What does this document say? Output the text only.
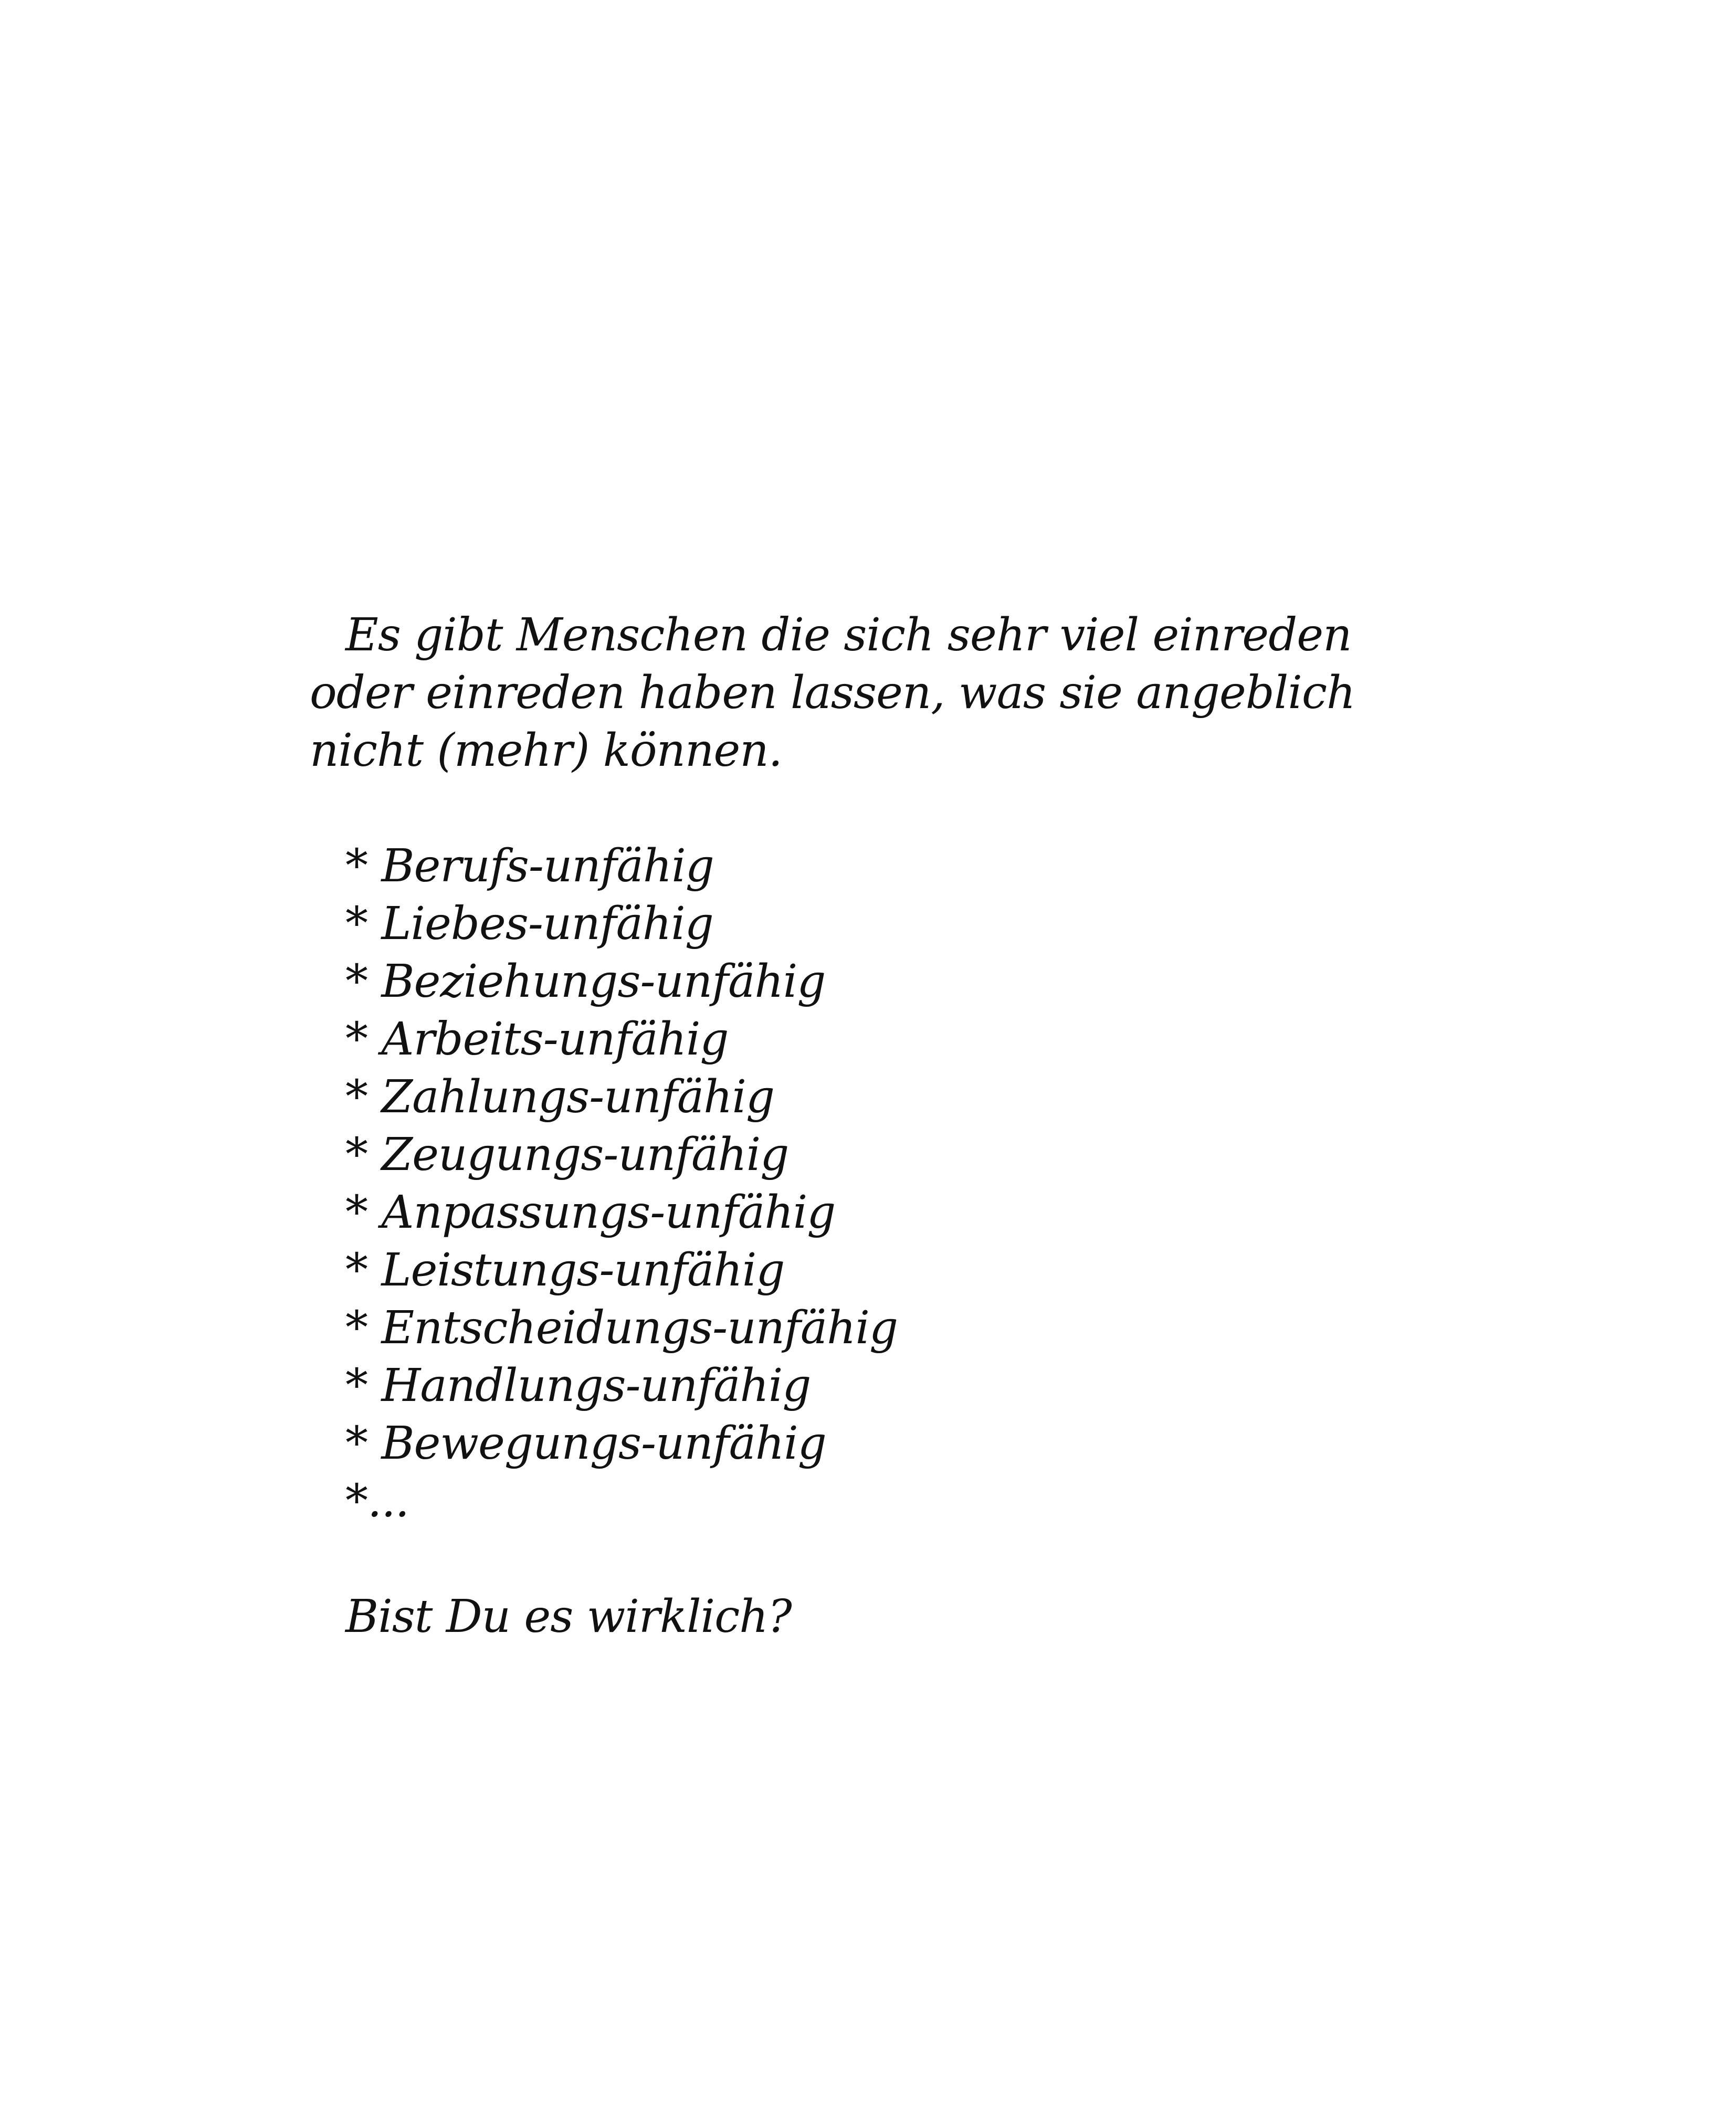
Es gibt Menschen die sich sehr viel einreden oder einreden haben lassen, was sie angeblich nicht (mehr) können.

* Berufs-unfähig
* Liebes-unfähig
* Beziehungs-unfähig
* Arbeits-unfähig
* Zahlungs-unfähig
* Zeugungs-unfähig
* Anpassungs-unfähig
* Leistungs-unfähig
* Entscheidungs-unfähig
* Handlungs-unfähig
* Bewegungs-unfähig
*...

Bist Du es wirklich?
